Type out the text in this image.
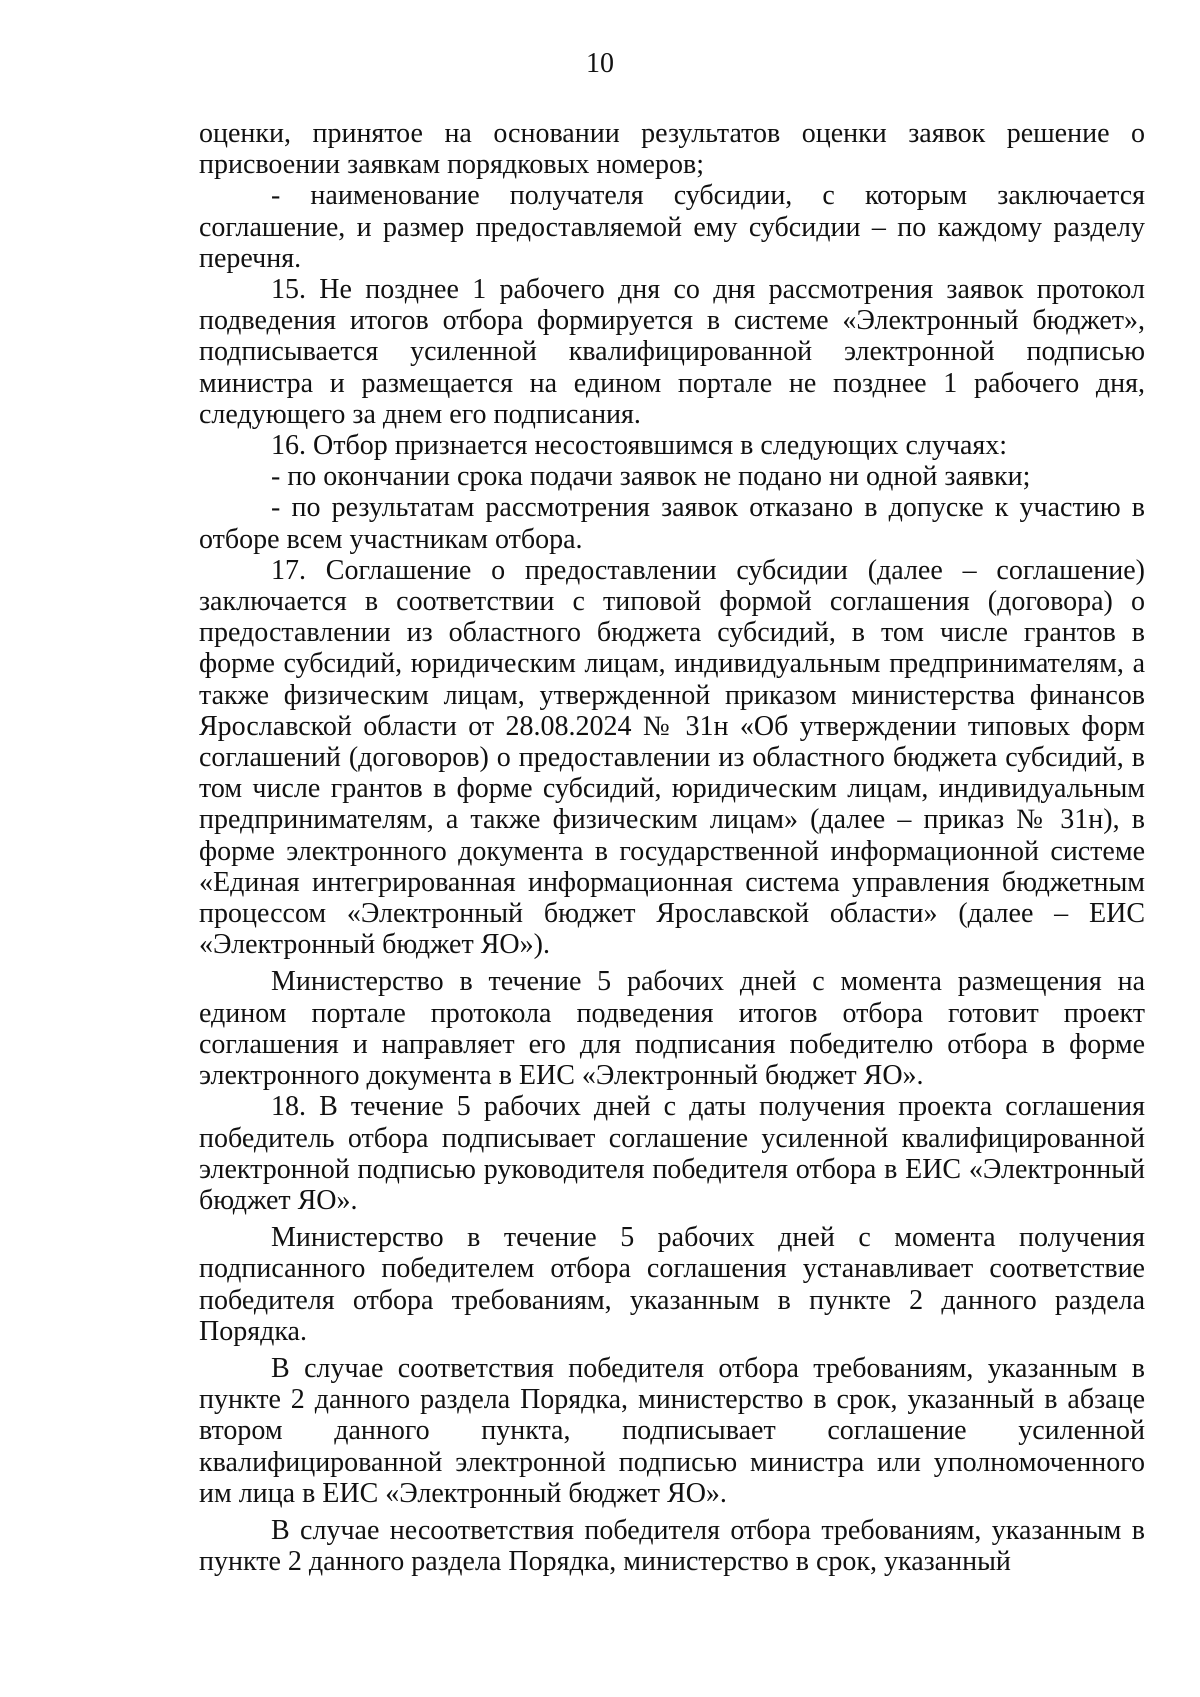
10

оценки, принятое на основании результатов оценки заявок решение о присвоении заявкам порядковых номеров;

- наименование получателя субсидии, с которым заключается соглашение, и размер предоставляемой ему субсидии – по каждому разделу перечня.

15. Не позднее 1 рабочего дня со дня рассмотрения заявок протокол подведения итогов отбора формируется в системе «Электронный бюджет», подписывается усиленной квалифицированной электронной подписью министра и размещается на едином портале не позднее 1 рабочего дня, следующего за днем его подписания.

16. Отбор признается несостоявшимся в следующих случаях:

- по окончании срока подачи заявок не подано ни одной заявки;

- по результатам рассмотрения заявок отказано в допуске к участию в отборе всем участникам отбора.

17. Соглашение о предоставлении субсидии (далее – соглашение) заключается в соответствии с типовой формой соглашения (договора) о предоставлении из областного бюджета субсидий, в том числе грантов в форме субсидий, юридическим лицам, индивидуальным предпринимателям, а также физическим лицам, утвержденной приказом министерства финансов Ярославской области от 28.08.2024 № 31н «Об утверждении типовых форм соглашений (договоров) о предоставлении из областного бюджета субсидий, в том числе грантов в форме субсидий, юридическим лицам, индивидуальным предпринимателям, а также физическим лицам» (далее – приказ № 31н), в форме электронного документа в государственной информационной системе «Единая интегрированная информационная система управления бюджетным процессом «Электронный бюджет Ярославской области» (далее – ЕИС «Электронный бюджет ЯО»).

Министерство в течение 5 рабочих дней с момента размещения на едином портале протокола подведения итогов отбора готовит проект соглашения и направляет его для подписания победителю отбора в форме электронного документа в ЕИС «Электронный бюджет ЯО».

18. В течение 5 рабочих дней с даты получения проекта соглашения победитель отбора подписывает соглашение усиленной квалифицированной электронной подписью руководителя победителя отбора в ЕИС «Электронный бюджет ЯО».

Министерство в течение 5 рабочих дней с момента получения подписанного победителем отбора соглашения устанавливает соответствие победителя отбора требованиям, указанным в пункте 2 данного раздела Порядка.

В случае соответствия победителя отбора требованиям, указанным в пункте 2 данного раздела Порядка, министерство в срок, указанный в абзаце втором данного пункта, подписывает соглашение усиленной квалифицированной электронной подписью министра или уполномоченного им лица в ЕИС «Электронный бюджет ЯО».

В случае несоответствия победителя отбора требованиям, указанным в пункте 2 данного раздела Порядка, министерство в срок, указанный
